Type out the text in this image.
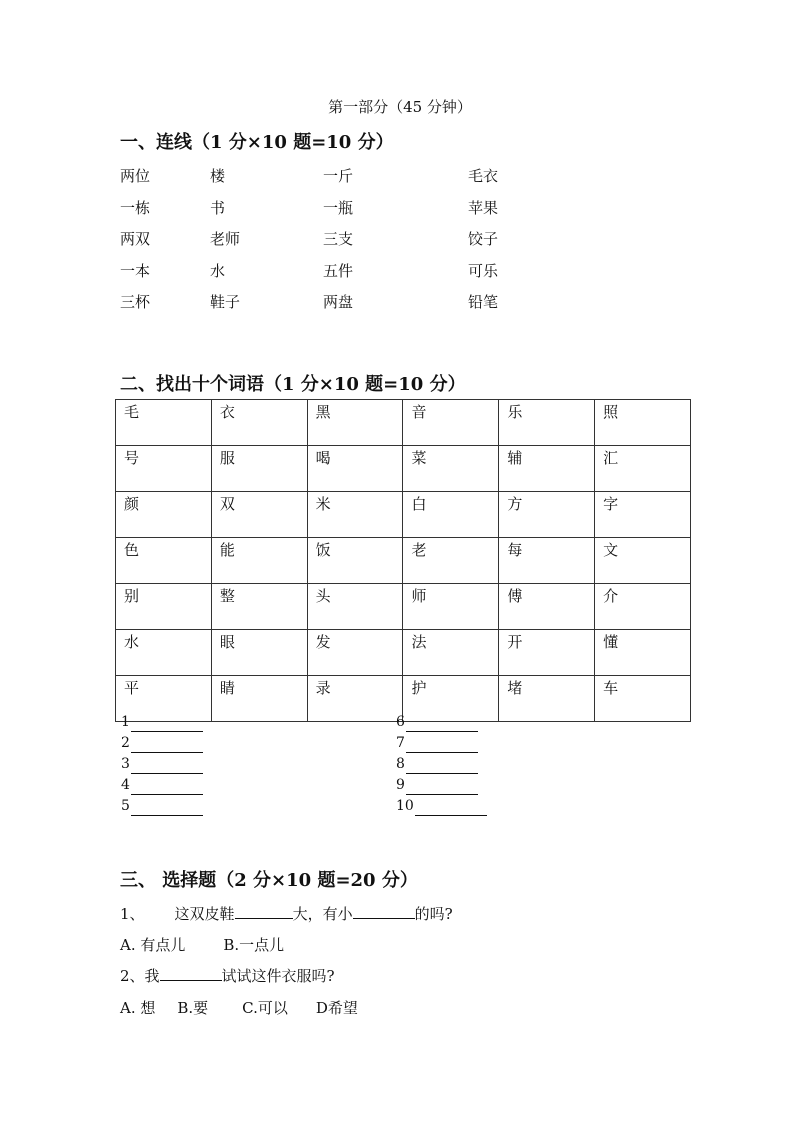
第一部分（45 分钟）
一、连线（1 分×10 题=10 分）
两位	楼	一斤	毛衣
一栋	书	一瓶	苹果
两双	老师	三支	饺子
一本	水	五件	可乐
三杯	鞋子	两盘	铅笔
二、找出十个词语（1 分×10 题=10 分）
毛	衣	黑	音	乐	照
号	服	喝	菜	辅	汇
颜	双	米	白	方	字
色	能	饭	老	每	文
别	整	头	师	傅	介
水	眼	发	法	开	懂
平	睛	录	护	堵	车
1
2
3
4
5
6
7
8
9
10
三、 选择题（2 分×10 题=20 分）
1、 这双皮鞋	大，有小	的吗?
A. 有点儿	B.一点儿
2、我	试试这件衣服吗?
A. 想 B.要 C.可以 D希望
